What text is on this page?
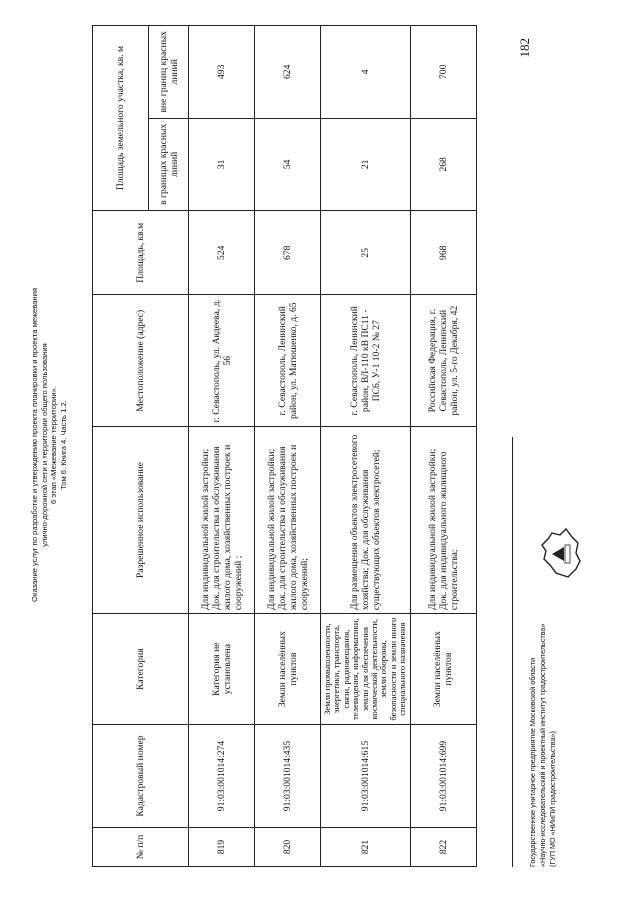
Оказание услуг по разработке и утверждению проекта планировки и проекта межевания улично-дорожной сети и территории общего пользования 6 этап «Межевание территории». Том 6. Книга 4. Часть 1.2.
№ п/п	Кадастровый номер	Категория	Разрешенное использование	Местоположение (адрес)	Площадь, кв.м	Площадь земельного участка, кв. м	
						в границах красных линий	вне границ красных линий
819	91:03:001014:274	Категория не установлена	Для индивидуальной жилой застройки; Док. для строительства и обслуживания жилого дома, хозяйственных построек и сооружений ;	г. Севастополь, ул. Авдеева, д. 56	524	31	493
820	91:03:001014:435	Земли населённых пунктов	Для индивидуальной жилой застройки; Док. для строительства и обслуживания жилого дома, хозяйственных построек и сооружений;	г. Севастополь, Ленинский район, ул. Матюшенко, д. 65	678	54	624
821	91:03:001014:615	Земли промышленности, энергетики, транспорта, связи, радиовещания, телевидения, информатики, земли для обеспечения космической деятельности, земли обороны, безопасности и земли иного специального назначения	Для размещения объектов электросетевого хозяйства; Док. для обслуживания существующих объектов электросетей;	г. Севастополь, Ленинский район, ВЛ-110 кВ ПС11 - ПС6, У-1 10-2 № 27	25	21	4
822	91:03:001014:699	Земли населённых пунктов	Для индивидуальной жилой застройки; Док. для индивидуального жилищного строительства;	Российская Федерация, г. Севастополь, Ленинский район, ул. 5-го Декабря, 42	968	268	700
182
Государственное унитарное предприятие Московской области «Научно-исследовательский и проектный институт градостроительства» (ГУП МО «НИиПИ градостроительства»)
